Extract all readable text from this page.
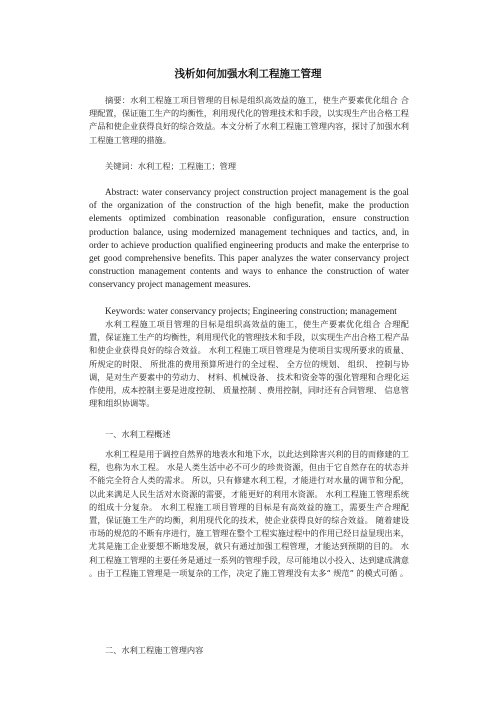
浅析如何加强水利工程施工管理
摘要：水利工程施工项目管理的目标是组织高效益的施工，使生产要素优化组合 合理配置，保证施工生产的均衡性，利用现代化的管理技术和手段，以实现生产出合格工程产品和使企业获得良好的综合效益。本文分析了水利工程施工管理内容，探讨了加强水利工程施工管理的措施。
关键词：水利工程；工程施工；管理
Abstract: water conservancy project construction project management is the goal of the organization of the construction of the high benefit, make the production elements optimized combination reasonable configuration, ensure construction production balance, using modernized management techniques and tactics, and, in order to achieve production qualified engineering products and make the enterprise to get good comprehensive benefits. This paper analyzes the water conservancy project construction management contents and ways to enhance the construction of water conservancy project management measures.
Keywords: water conservancy projects; Engineering construction; management
水利工程施工项目管理的目标是组织高效益的施工，使生产要素优化组合 合理配置，保证施工生产的均衡性，利用现代化的管理技术和手段，以实现生产出合格工程产品和使企业获得良好的综合效益。 水利工程施工项目管理是为使项目实现所要求的质量、 所规定的时限、 所批准的费用预算所进行的全过程、 全方位的规划、 组织、 控制与协调，是对生产要素中的劳动力、 材料、机械设备、 技术和资金等的强化管理和合理化运作使用，成本控制主要是进度控制、 质量控制 、费用控制，同时还有合同管理、 信息管理和组织协调等。
一、水利工程概述
水利工程是用于调控自然界的地表水和地下水，以此达到除害兴利的目的而修建的工程，也称为水工程。 水是人类生活中必不可少的珍贵资源，但由于它自然存在的状态并不能完全符合人类的需求。 所以，只有修建水利工程，才能进行对水量的调节和分配，以此来满足人民生活对水资源的需要，才能更好的利用水资源。 水利工程施工管理系统的组成十分复杂。 水利工程施工项目管理的目标是有高效益的施工，需要生产合理配置，保证施工生产的均衡，利用现代化的技术，使企业获得良好的综合效益。 随着建设市场的规范的不断有序进行，施工管理在整个工程实施过程中的作用已经日益显现出来，尤其是施工企业要想不断地发展，就只有通过加强工程管理，才能达到预期的目的。 水利工程施工管理的主要任务是通过一系列的管理手段，尽可能地以小投入、达到建成满意 。由于工程施工管理是一项复杂的工作，决定了施工管理没有太多“ 规范” 的模式可循 。
二、水利工程施工管理内容
